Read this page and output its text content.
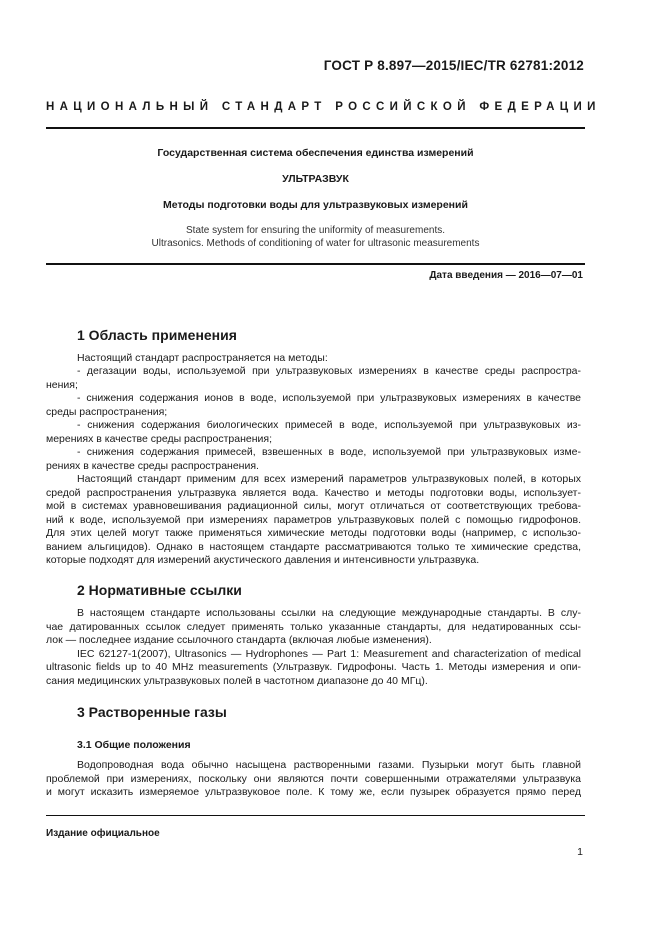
ГОСТ Р 8.897—2015/IEC/TR 62781:2012
НАЦИОНАЛЬНЫЙ СТАНДАРТ РОССИЙСКОЙ ФЕДЕРАЦИИ
Государственная система обеспечения единства измерений
УЛЬТРАЗВУК
Методы подготовки воды для ультразвуковых измерений
State system for ensuring the uniformity of measurements.
Ultrasonics. Methods of conditioning of water for ultrasonic measurements
Дата введения — 2016—07—01
1 Область применения
Настоящий стандарт распространяется на методы:
- дегазации воды, используемой при ультразвуковых измерениях в качестве среды распростра-
нения;
- снижения содержания ионов в воде, используемой при ультразвуковых измерениях в качестве
среды распространения;
- снижения содержания биологических примесей в воде, используемой при ультразвуковых из-
мерениях в качестве среды распространения;
- снижения содержания примесей, взвешенных в воде, используемой при ультразвуковых изме-
рениях в качестве среды распространения.
Настоящий стандарт применим для всех измерений параметров ультразвуковых полей, в которых
средой распространения ультразвука является вода. Качество и методы подготовки воды, использует-
мой в системах уравновешивания радиационной силы, могут отличаться от соответствующих требова-
ний к воде, используемой при измерениях параметров ультразвуковых полей с помощью гидрофонов.
Для этих целей могут также применяться химические методы подготовки воды (например, с использо-
ванием альгицидов). Однако в настоящем стандарте рассматриваются только те химические средства,
которые подходят для измерений акустического давления и интенсивности ультразвука.
2 Нормативные ссылки
В настоящем стандарте использованы ссылки на следующие международные стандарты. В слу-
чае датированных ссылок следует применять только указанные стандарты, для недатированных ссы-
лок — последнее издание ссылочного стандарта (включая любые изменения).
IEC 62127-1(2007), Ultrasonics — Hydrophones — Part 1: Measurement and characterization of medical
ultrasonic fields up to 40 MHz measurements (Ультразвук. Гидрофоны. Часть 1. Методы измерения и опи-
сания медицинских ультразвуковых полей в частотном диапазоне до 40 МГц).
3 Растворенные газы
3.1 Общие положения
Водопроводная вода обычно насыщена растворенными газами. Пузырьки могут быть главной
проблемой при измерениях, поскольку они являются почти совершенными отражателями ультразвука
и могут исказить измеряемое ультразвуковое поле. К тому же, если пузырек образуется прямо перед
Издание официальное
1
